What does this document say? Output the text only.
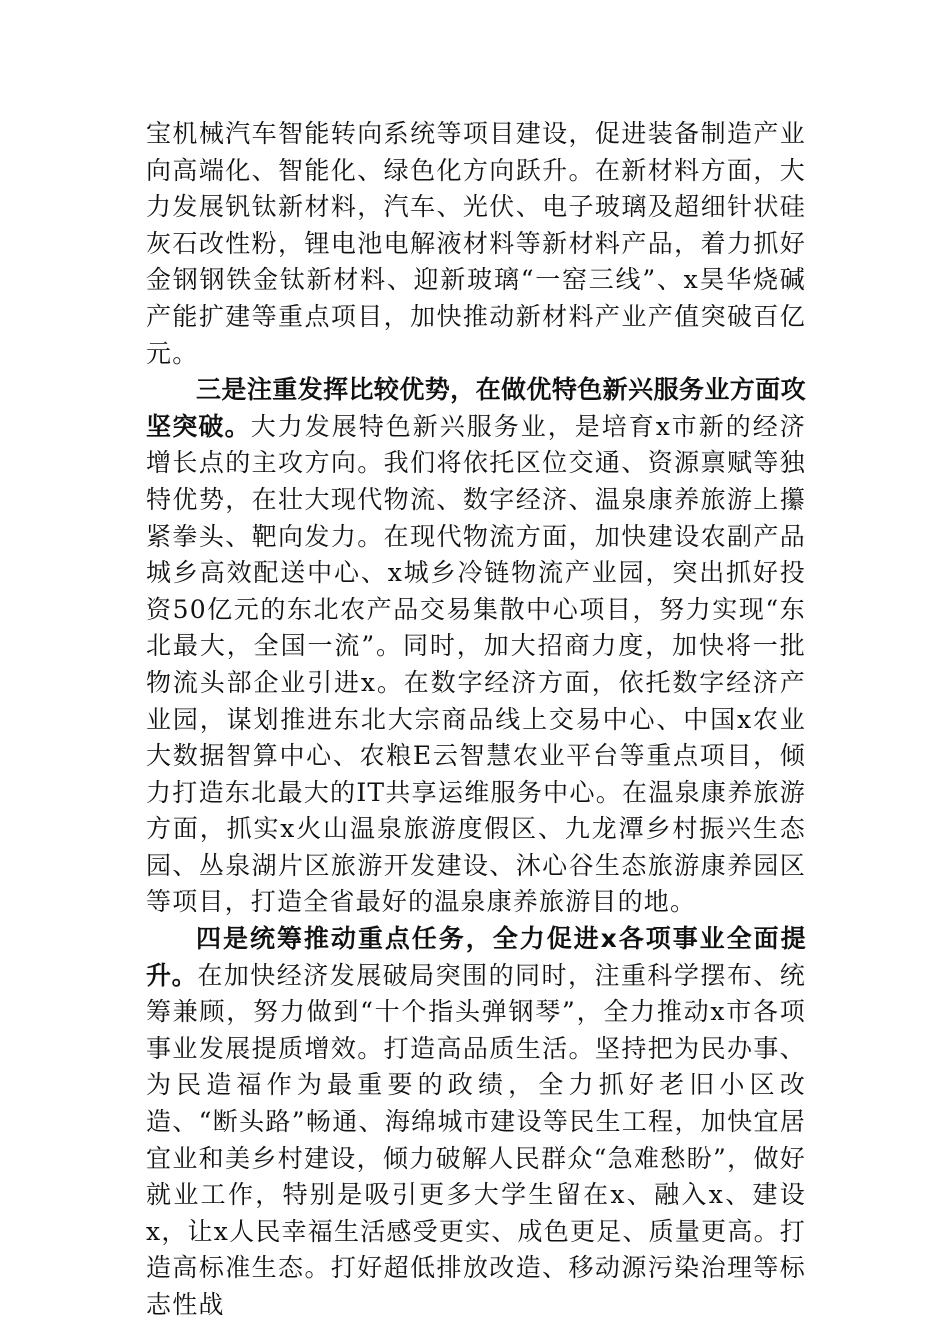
宝机械汽车智能转向系统等项目建设，促进装备制造产业向高端化、智能化、绿色化方向跃升。在新材料方面，大力发展钒钛新材料，汽车、光伏、电子玻璃及超细针状硅灰石改性粉，锂电池电解液材料等新材料产品，着力抓好金钢钢铁金钛新材料、迎新玻璃“一窑三线”、x昊华烧碱产能扩建等重点项目，加快推动新材料产业产值突破百亿元。

三是注重发挥比较优势，在做优特色新兴服务业方面攻坚突破。大力发展特色新兴服务业，是培育x市新的经济增长点的主攻方向。我们将依托区位交通、资源禀赋等独特优势，在壮大现代物流、数字经济、温泉康养旅游上攥紧拳头、靶向发力。在现代物流方面，加快建设农副产品城乡高效配送中心、x城乡冷链物流产业园，突出抓好投资50亿元的东北农产品交易集散中心项目，努力实现“东北最大，全国一流”。同时，加大招商力度，加快将一批物流头部企业引进x。在数字经济方面，依托数字经济产业园，谋划推进东北大宗商品线上交易中心、中国x农业大数据智算中心、农粮E云智慧农业平台等重点项目，倾力打造东北最大的IT共享运维服务中心。在温泉康养旅游方面，抓实x火山温泉旅游度假区、九龙潭乡村振兴生态园、丛泉湖片区旅游开发建设、沐心谷生态旅游康养园区等项目，打造全省最好的温泉康养旅游目的地。

四是统筹推动重点任务，全力促进x各项事业全面提升。在加快经济发展破局突围的同时，注重科学摆布、统筹兼顾，努力做到“十个指头弹钢琴”，全力推动x市各项事业发展提质增效。打造高品质生活。坚持把为民办事、为民造福作为最重要的政绩，全力抓好老旧小区改造、“断头路”畅通、海绵城市建设等民生工程，加快宜居宜业和美乡村建设，倾力破解人民群众“急难愁盼”，做好就业工作，特别是吸引更多大学生留在x、融入x、建设x，让x人民幸福生活感受更实、成色更足、质量更高。打造高标准生态。打好超低排放改造、移动源污染治理等标志性战
